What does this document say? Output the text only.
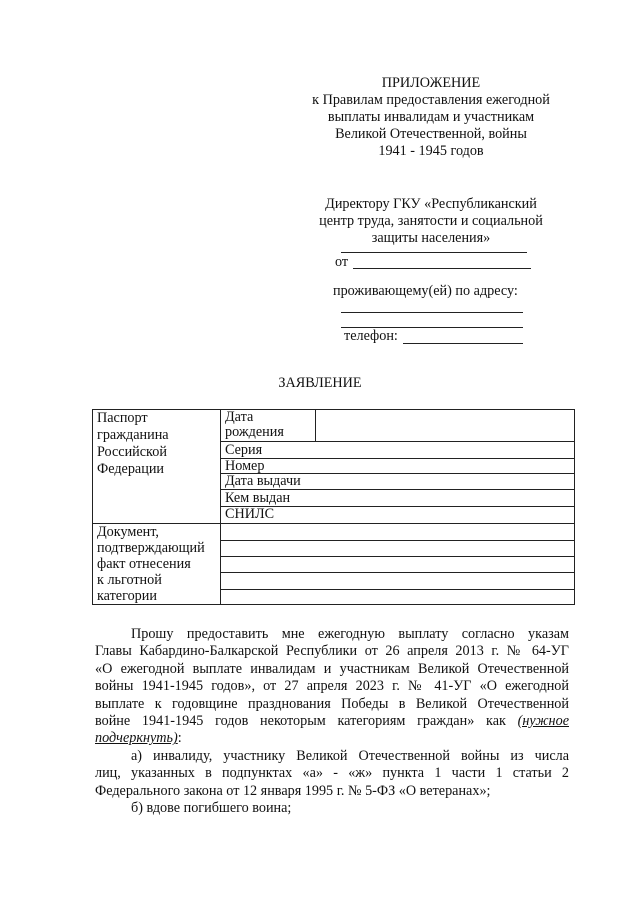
ПРИЛОЖЕНИЕ
к Правилам предоставления ежегодной
выплаты инвалидам и участникам
Великой Отечественной, войны
1941 - 1945 годов
Директору ГКУ «Республиканский
центр труда, занятости и социальной
защиты населения»
от
проживающему(ей) по адресу:
телефон:
ЗАЯВЛЕНИЕ
Паспорт
гражданина
Российской
Федерации
Дата
рождения
Серия
Номер
Дата выдачи
Кем выдан
СНИЛС
Документ,
подтверждающий
факт отнесения
к льготной
категории
Прошу предоставить мне ежегодную выплату согласно указам
Главы Кабардино-Балкарской Республики от 26 апреля 2013 г. № 64-УГ
«О ежегодной выплате инвалидам и участникам Великой Отечественной
войны 1941-1945 годов», от 27 апреля 2023 г. № 41-УГ «О ежегодной
выплате к годовщине празднования Победы в Великой Отечественной
войне 1941-1945 годов некоторым категориям граждан» как (нужное
подчеркнуть):
а) инвалиду, участнику Великой Отечественной войны из числа
лиц, указанных в подпунктах «а» - «ж» пункта 1 части 1 статьи 2
Федерального закона от 12 января 1995 г. № 5-ФЗ «О ветеранах»;
б) вдове погибшего воина;
